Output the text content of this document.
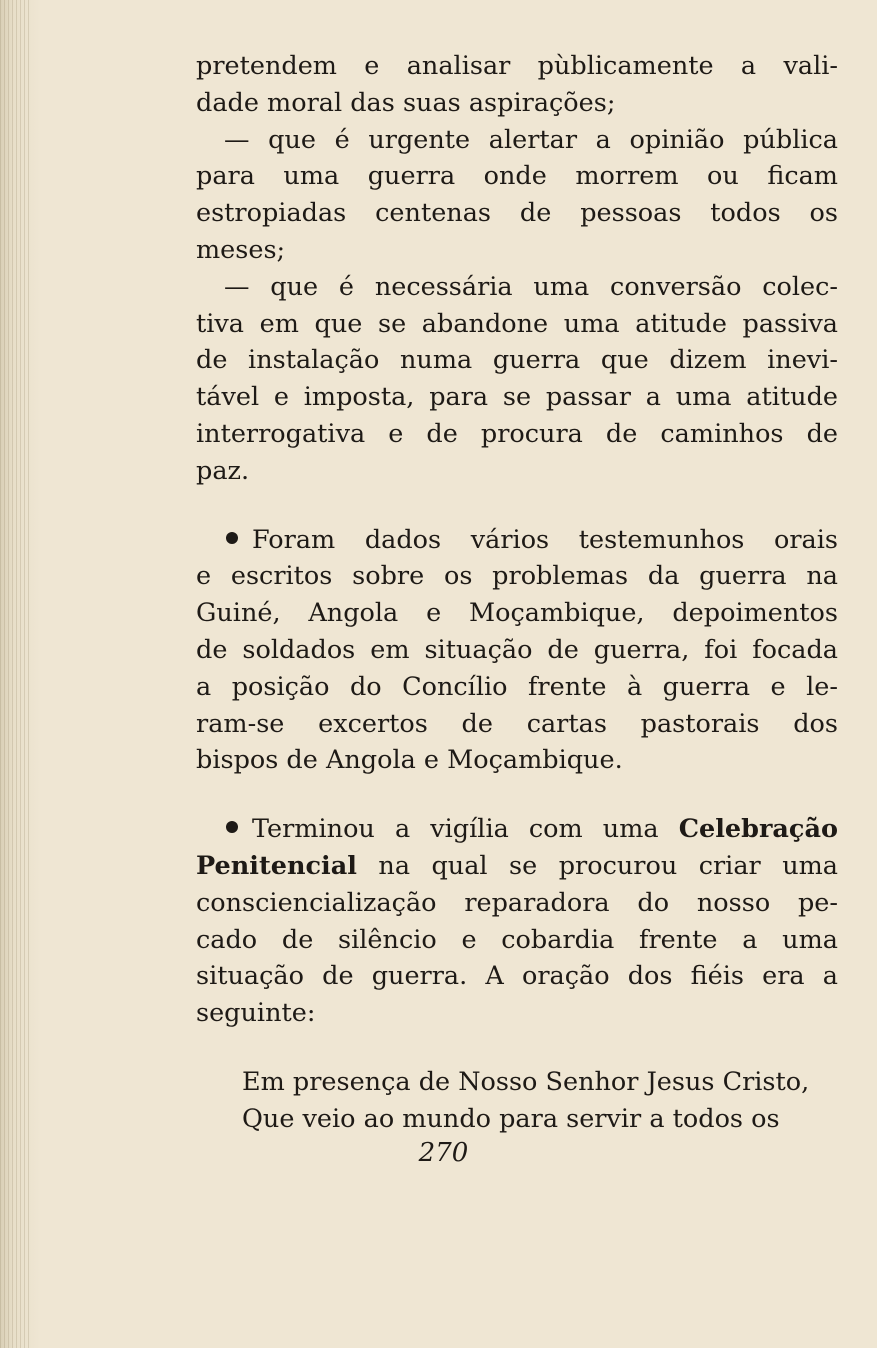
pretendem e analisar pùblicamente a vali-
dade moral das suas aspirações;
— que é urgente alertar a opinião pública
para uma guerra onde morrem ou ficam
estropiadas centenas de pessoas todos os
meses;
— que é necessária uma conversão colec-
tiva em que se abandone uma atitude passiva
de instalação numa guerra que dizem inevi-
tável e imposta, para se passar a uma atitude
interrogativa e de procura de caminhos de
paz.
Foram dados vários testemunhos orais
e escritos sobre os problemas da guerra na
Guiné, Angola e Moçambique, depoimentos
de soldados em situação de guerra, foi focada
a posição do Concílio frente à guerra e le-
ram-se excertos de cartas pastorais dos
bispos de Angola e Moçambique.
Terminou a vigília com uma Celebração
Penitencial na qual se procurou criar uma
consciencialização reparadora do nosso pe-
cado de silêncio e cobardia frente a uma
situação de guerra. A oração dos fiéis era a
seguinte:
Em presença de Nosso Senhor Jesus Cristo,
Que veio ao mundo para servir a todos os
270
